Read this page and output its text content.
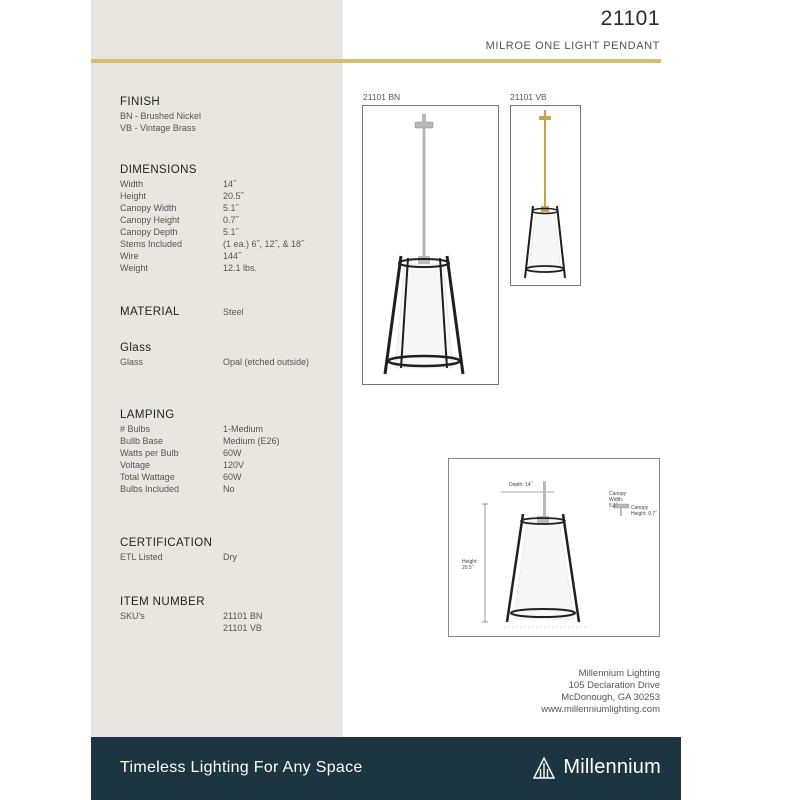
21101
MILROE ONE LIGHT PENDANT
FINISH
BN - Brushed Nickel
VB - Vintage Brass
DIMENSIONS
Width	14˝
Height	20.5˝
Canopy Width	5.1˝
Canopy Height	0.7˝
Canopy Depth	5.1˝
Stems Included	(1 ea.) 6˝, 12˝, & 18˝
Wire	144˝
Weight	12.1 lbs.
MATERIAL	Steel
Glass
Glass	Opal (etched outside)
LAMPING
# Bulbs	1-Medium
Bullb Base	Medium (E26)
Watts per Bulb	60W
Voltage	120V
Total Wattage	60W
Bulbs Included	No
CERTIFICATION
ETL Listed	Dry
ITEM NUMBER
SKU's	21101 BN
21101 VB
21101 BN	21101 VB
Depth: 14˝
Height: 20.5˝
Canopy Width: 5.1˝	Canopy Height: 0.7˝
Millennium Lighting
105 Declaration Drive
McDonough, GA 30253
www.millenniumlighting.com
Timeless Lighting For Any Space	Millennium
